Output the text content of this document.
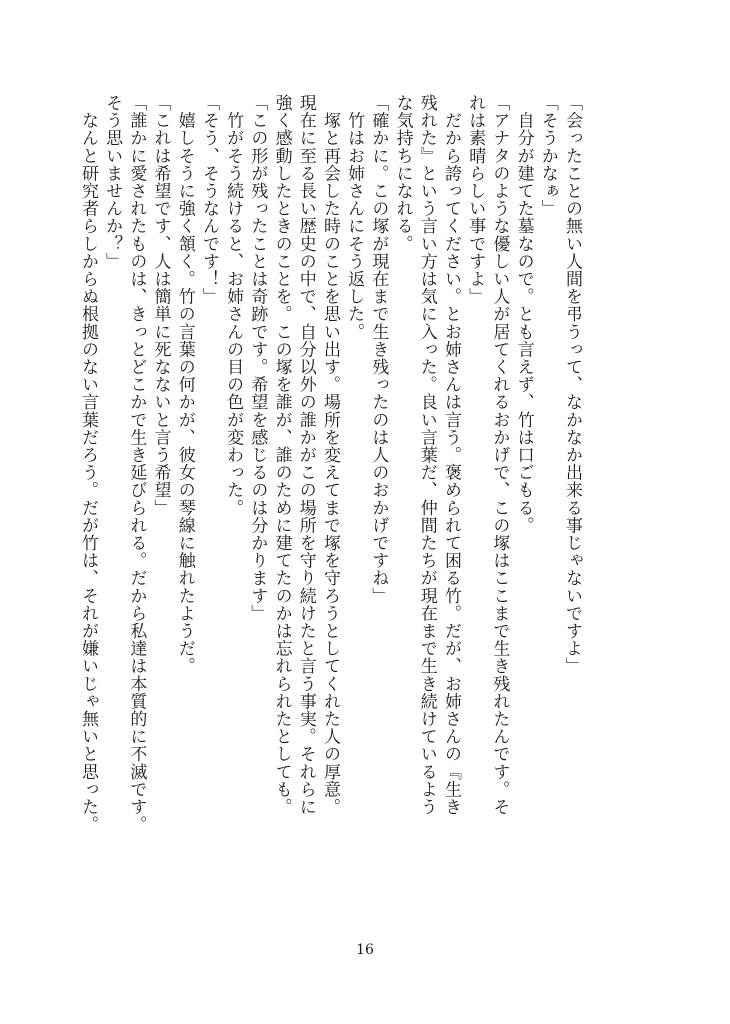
「会ったことの無い人間を弔うって、なかなか出来る事じゃないですよ」
「そうかなぁ」
　自分が建てた墓なので。とも言えず、竹は口ごもる。
「アナタのような優しい人が居てくれるおかげで、この塚はここまで生き残れたんです。そ
れは素晴らしい事ですよ」
　だから誇ってください。とお姉さんは言う。褒められて困る竹。だが、お姉さんの『生き
残れた』という言い方は気に入った。良い言葉だ、仲間たちが現在まで生き続けているよう
な気持ちになれる。
「確かに。この塚が現在まで生き残ったのは人のおかげですね」
　竹はお姉さんにそう返した。
　塚と再会した時のことを思い出す。場所を変えてまで塚を守ろうとしてくれた人の厚意。
現在に至る長い歴史の中で、自分以外の誰かがこの場所を守り続けたと言う事実。それらに
強く感動したときのことを。この塚を誰が、誰のために建てたのかは忘れられたとしても。
「この形が残ったことは奇跡です。希望を感じるのは分かります」
　竹がそう続けると、お姉さんの目の色が変わった。
「そう、そうなんです！」
　嬉しそうに強く頷く。竹の言葉の何かが、彼女の琴線に触れたようだ。
「これは希望です、人は簡単に死なないと言う希望」
「誰かに愛されたものは、きっとどこかで生き延びられる。だから私達は本質的に不滅です。
そう思いませんか？」
　なんと研究者らしからぬ根拠のない言葉だろう。だが竹は、それが嫌いじゃ無いと思った。
16
